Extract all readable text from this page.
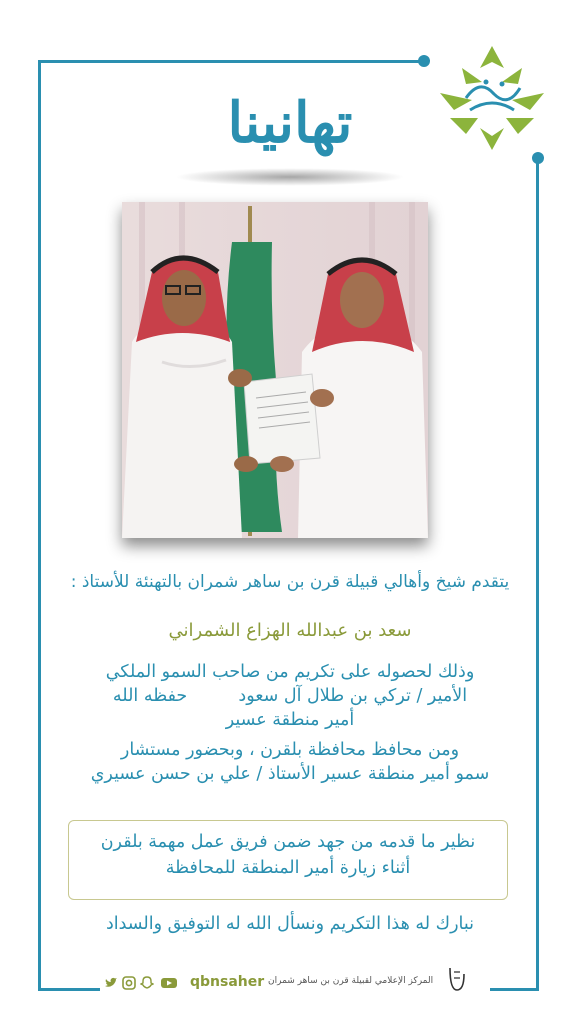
تهانينا
يتقدم شيخ وأهالي قبيلة قرن بن ساهر شمران بالتهنئة للأستاذ :
سعد بن عبدالله الهزاع الشمراني
وذلك لحصوله على تكريم من صاحب السمو الملكي
الأمير / تركي بن طلال آل سعود  حفظه الله
أمير منطقة عسير
ومن محافظ محافظة بلقرن ، وبحضور مستشار
سمو أمير منطقة عسير الأستاذ / علي بن حسن عسيري
نظير ما قدمه من جهد ضمن فريق عمل مهمة بلقرن
أثناء زيارة أمير المنطقة للمحافظة
نبارك له هذا التكريم ونسأل الله له التوفيق والسداد
qbnsaher المركز الإعلامي لقبيلة قرن بن ساهر شمران
